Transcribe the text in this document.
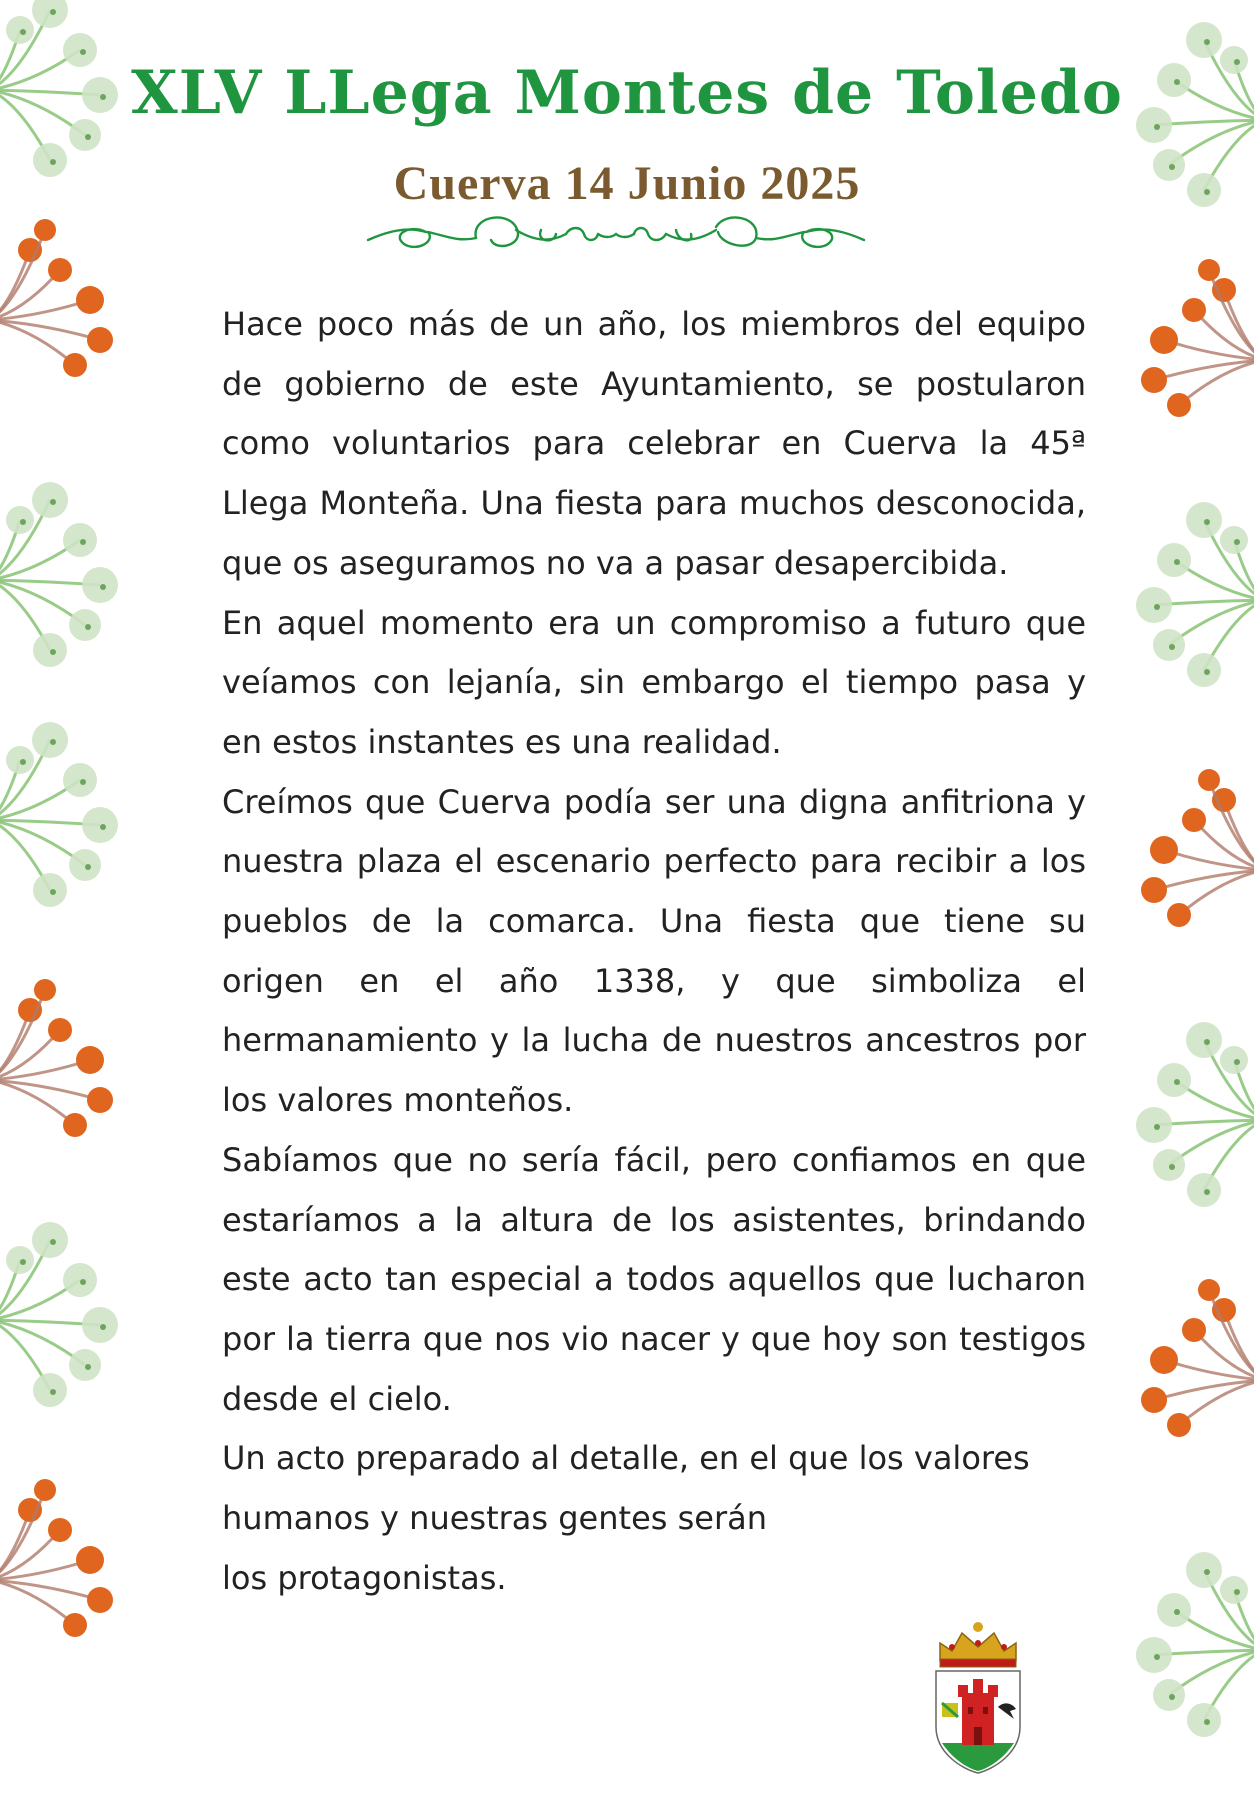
XLV LLega Montes de Toledo
Cuerva 14 Junio 2025

Hace poco más de un año, los miembros del equipo de gobierno de este Ayuntamiento, se postularon como voluntarios para celebrar en Cuerva la 45ª Llega Monteña. Una fiesta para muchos desconocida, que os aseguramos no va a pasar desapercibida.

En aquel momento era un compromiso a futuro que veíamos con lejanía, sin embargo el tiempo pasa y en estos instantes es una realidad.

Creímos que Cuerva podía ser una digna anfitriona y nuestra plaza el escenario perfecto para recibir a los pueblos de la comarca. Una fiesta que tiene su origen en el año 1338, y que simboliza el hermanamiento y la lucha de nuestros ancestros por los valores monteños.

Sabíamos que no sería fácil, pero confiamos en que estaríamos a la altura de los asistentes, brindando este acto tan especial a todos aquellos que lucharon por la tierra que nos vio nacer y que hoy son testigos desde el cielo.

Un acto preparado al detalle, en el que los valores
humanos y nuestras gentes serán
los protagonistas.
